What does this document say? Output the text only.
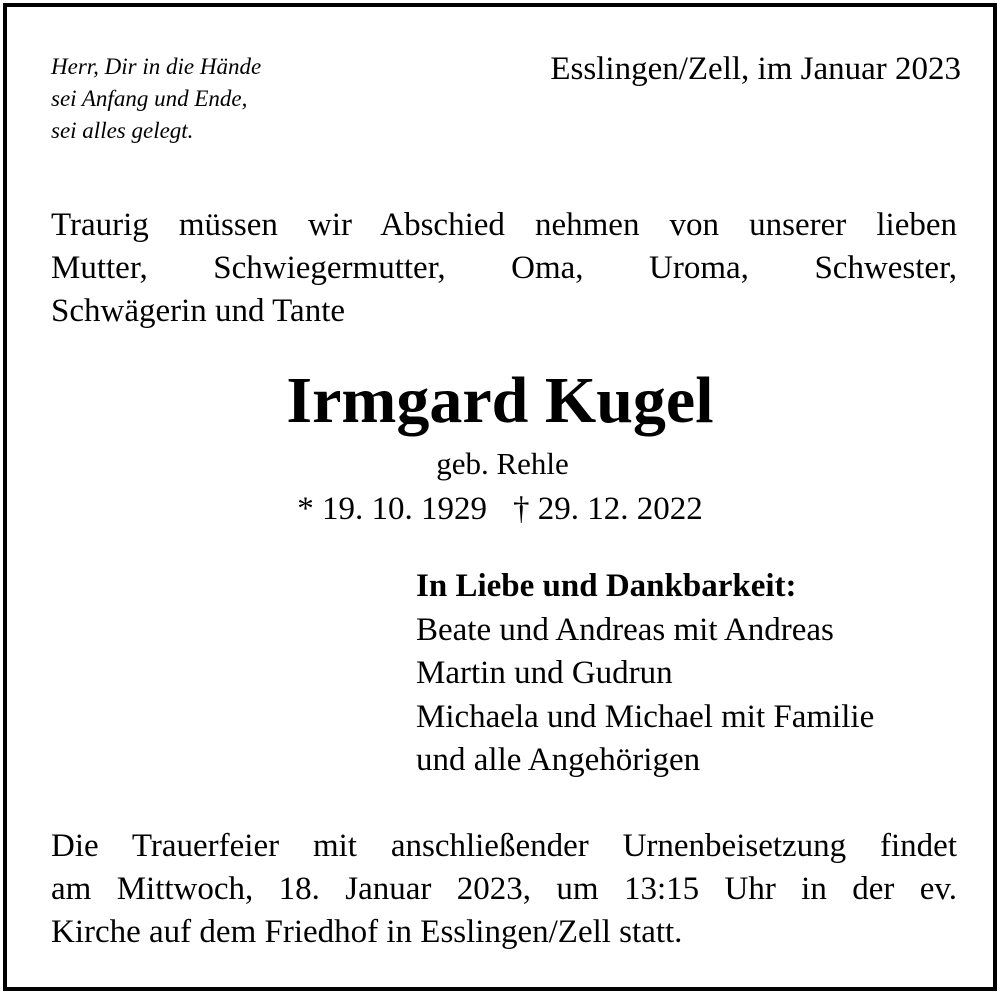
Herr, Dir in die Hände
sei Anfang und Ende,
sei alles gelegt.
Esslingen/Zell, im Januar 2023
Traurig müssen wir Abschied nehmen von unserer lieben
Mutter, Schwiegermutter, Oma, Uroma, Schwester,
Schwägerin und Tante
Irmgard Kugel
geb. Rehle
* 19. 10. 1929 † 29. 12. 2022
In Liebe und Dankbarkeit:
Beate und Andreas mit Andreas
Martin und Gudrun
Michaela und Michael mit Familie
und alle Angehörigen
Die Trauerfeier mit anschließender Urnenbeisetzung findet
am Mittwoch, 18. Januar 2023, um 13:15 Uhr in der ev.
Kirche auf dem Friedhof in Esslingen/Zell statt.
